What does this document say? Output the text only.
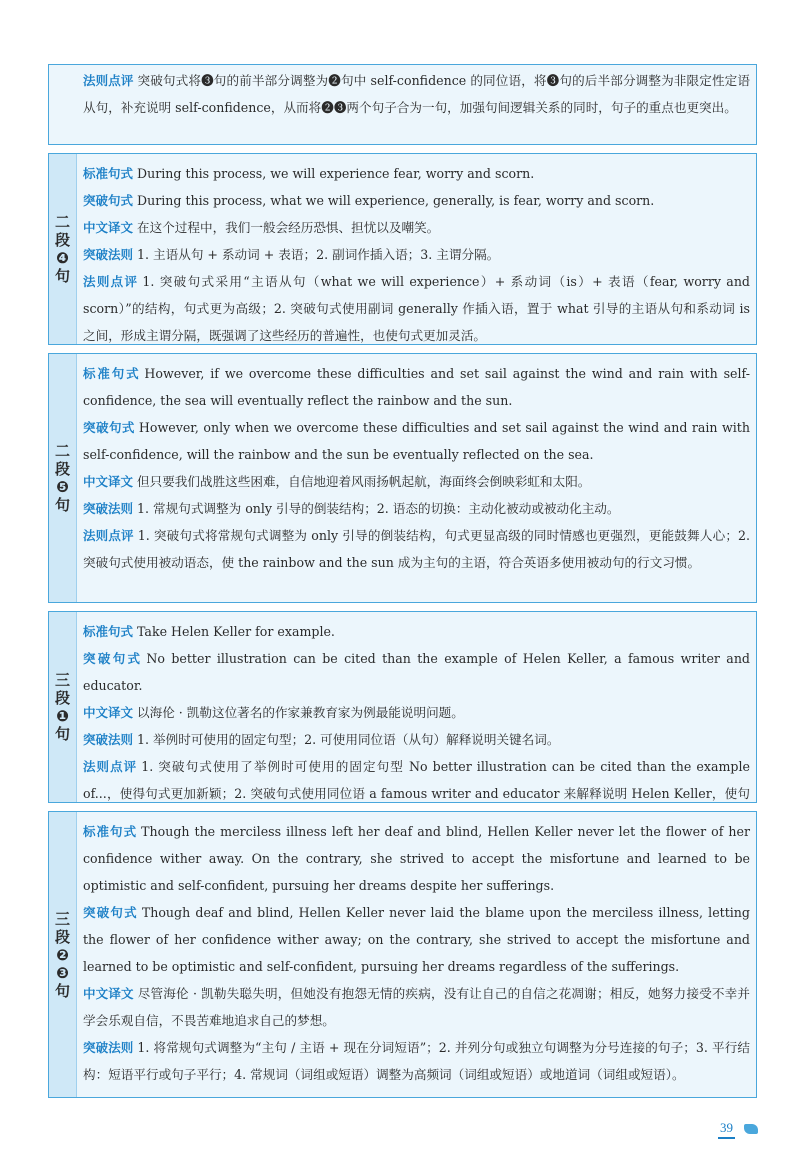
法则点评 突破句式将❸句的前半部分调整为❷句中 self-confidence 的同位语，将❸句的后半部分调整为非限定性定语从句，补充说明 self-confidence，从而将❷❸两个句子合为一句，加强句间逻辑关系的同时，句子的重点也更突出。

二
段
❹
句

标准句式 During this process, we will experience fear, worry and scorn.

突破句式 During this process, what we will experience, generally, is fear, worry and scorn.

中文译文 在这个过程中，我们一般会经历恐惧、担忧以及嘲笑。

突破法则 1. 主语从句 + 系动词 + 表语；2. 副词作插入语；3. 主谓分隔。

法则点评 1. 突破句式采用“主语从句（what we will experience）+ 系动词（is）+ 表语（fear, worry and scorn）”的结构，句式更为高级；2. 突破句式使用副词 generally 作插入语，置于 what 引导的主语从句和系动词 is 之间，形成主谓分隔，既强调了这些经历的普遍性，也使句式更加灵活。

二
段
❺
句

标准句式 However, if we overcome these difficulties and set sail against the wind and rain with self-confidence, the sea will eventually reflect the rainbow and the sun.

突破句式 However, only when we overcome these difficulties and set sail against the wind and rain with self-confidence, will the rainbow and the sun be eventually reflected on the sea.

中文译文 但只要我们战胜这些困难，自信地迎着风雨扬帆起航，海面终会倒映彩虹和太阳。

突破法则 1. 常规句式调整为 only 引导的倒装结构；2. 语态的切换：主动化被动或被动化主动。

法则点评 1. 突破句式将常规句式调整为 only 引导的倒装结构，句式更显高级的同时情感也更强烈，更能鼓舞人心；2. 突破句式使用被动语态，使 the rainbow and the sun 成为主句的主语，符合英语多使用被动句的行文习惯。

三
段
❶
句

标准句式 Take Helen Keller for example.

突破句式 No better illustration can be cited than the example of Helen Keller, a famous writer and educator.

中文译文 以海伦 · 凯勒这位著名的作家兼教育家为例最能说明问题。

突破法则 1. 举例时可使用的固定句型；2. 可使用同位语（从句）解释说明关键名词。

法则点评 1. 突破句式使用了举例时可使用的固定句型 No better illustration can be cited than the example of...，使得句式更加新颖；2. 突破句式使用同位语 a famous writer and educator 来解释说明 Helen Keller，使句

三
段
❷
❸
句

标准句式 Though the merciless illness left her deaf and blind, Hellen Keller never let the flower of her confidence wither away. On the contrary, she strived to accept the misfortune and learned to be optimistic and self-confident, pursuing her dreams despite her sufferings.

突破句式 Though deaf and blind, Hellen Keller never laid the blame upon the merciless illness, letting the flower of her confidence wither away; on the contrary, she strived to accept the misfortune and learned to be optimistic and self-confident, pursuing her dreams regardless of the sufferings.

中文译文 尽管海伦 · 凯勒失聪失明，但她没有抱怨无情的疾病，没有让自己的自信之花凋谢；相反，她努力接受不幸并学会乐观自信，不畏苦难地追求自己的梦想。

突破法则 1. 将常规句式调整为“主句 / 主语 + 现在分词短语”；2. 并列分句或独立句调整为分号连接的句子；3. 平行结构：短语平行或句子平行；4. 常规词（词组或短语）调整为高频词（词组或短语）或地道词（词组或短语）。

39
